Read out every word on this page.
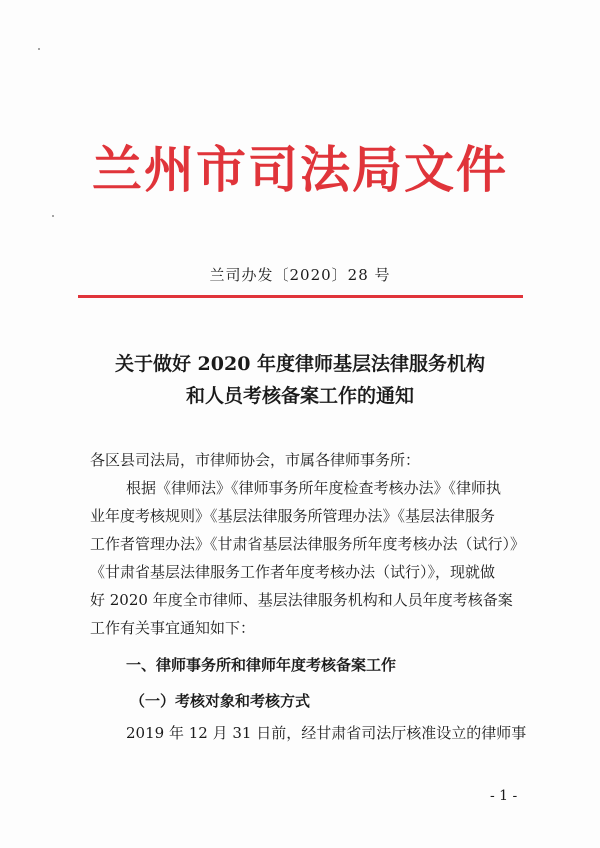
兰州市司法局文件
兰司办发〔2020〕28 号
关于做好 2020 年度律师基层法律服务机构
和人员考核备案工作的通知
各区县司法局，市律师协会，市属各律师事务所：
根据《律师法》《律师事务所年度检查考核办法》《律师执
业年度考核规则》《基层法律服务所管理办法》《基层法律服务
工作者管理办法》《甘肃省基层法律服务所年度考核办法（试行）》
《甘肃省基层法律服务工作者年度考核办法（试行）》，现就做
好 2020 年度全市律师、基层法律服务机构和人员年度考核备案
工作有关事宜通知如下：
一、律师事务所和律师年度考核备案工作
（一）考核对象和考核方式
2019 年 12 月 31 日前，经甘肃省司法厅核准设立的律师事
- 1 -
